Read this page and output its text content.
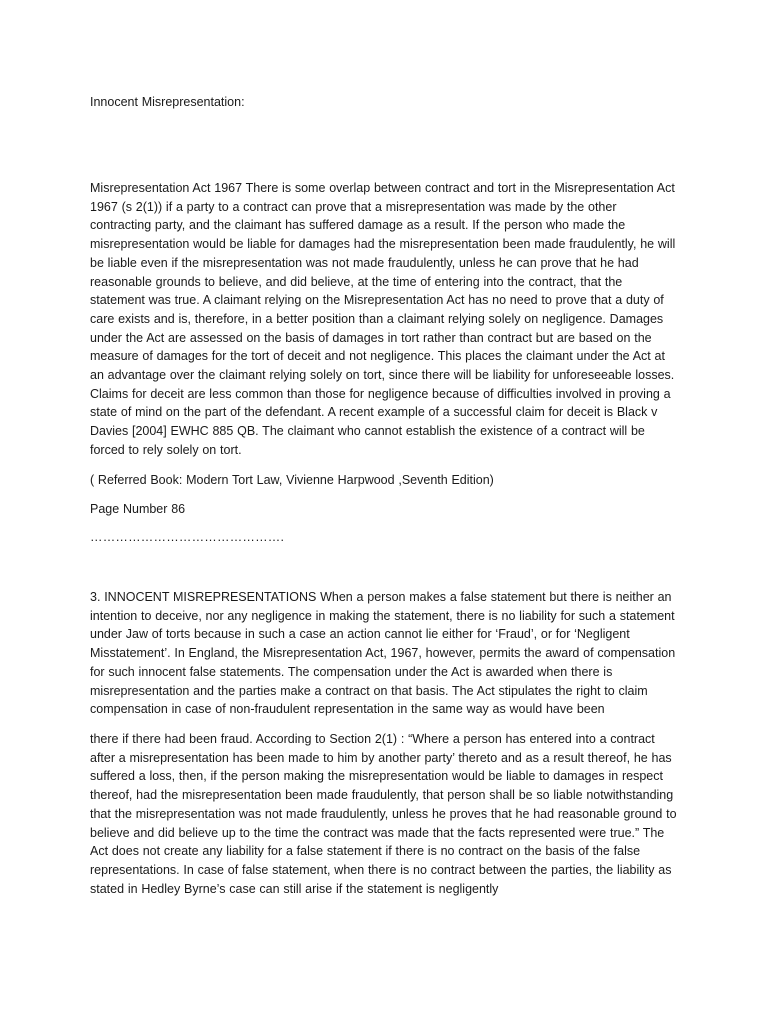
Innocent Misrepresentation:

Misrepresentation Act 1967 There is some overlap between contract and tort in the Misrepresentation Act 1967 (s 2(1)) if a party to a contract can prove that a misrepresentation was made by the other contracting party, and the claimant has suffered damage as a result. If the person who made the misrepresentation would be liable for damages had the misrepresentation been made fraudulently, he will be liable even if the misrepresentation was not made fraudulently, unless he can prove that he had reasonable grounds to believe, and did believe, at the time of entering into the contract, that the statement was true. A claimant relying on the Misrepresentation Act has no need to prove that a duty of care exists and is, therefore, in a better position than a claimant relying solely on negligence. Damages under the Act are assessed on the basis of damages in tort rather than contract but are based on the measure of damages for the tort of deceit and not negligence. This places the claimant under the Act at an advantage over the claimant relying solely on tort, since there will be liability for unforeseeable losses. Claims for deceit are less common than those for negligence because of difficulties involved in proving a state of mind on the part of the defendant. A recent example of a successful claim for deceit is Black v Davies [2004] EWHC 885 QB. The claimant who cannot establish the existence of a contract will be forced to rely solely on tort.

( Referred Book: Modern Tort Law, Vivienne Harpwood ,Seventh Edition)

Page Number 86

……………………………………….

3. INNOCENT MISREPRESENTATIONS When a person makes a false statement but there is neither an intention to deceive, nor any negligence in making the statement, there is no liability for such a statement under Jaw of torts because in such a case an action cannot lie either for ‘Fraud’, or for ‘Negligent Misstatement’. In England, the Misrepresentation Act, 1967, however, permits the award of compensation for such innocent false statements. The compensation under the Act is awarded when there is misrepresentation and the parties make a contract on that basis. The Act stipulates the right to claim compensation in case of non-fraudulent representation in the same way as would have been

there if there had been fraud. According to Section 2(1) : “Where a person has entered into a contract after a misrepresentation has been made to him by another party’ thereto and as a result thereof, he has suffered a loss, then, if the person making the misrepresentation would be liable to damages in respect thereof, had the misrepresentation been made fraudulently, that person shall be so liable notwithstanding that the misrepresentation was not made fraudulently, unless he proves that he had reasonable ground to believe and did believe up to the time the contract was made that the facts represented were true.” The Act does not create any liability for a false statement if there is no contract on the basis of the false representations. In case of false statement, when there is no contract between the parties, the liability as stated in Hedley Byrne’s case can still arise if the statement is negligently
